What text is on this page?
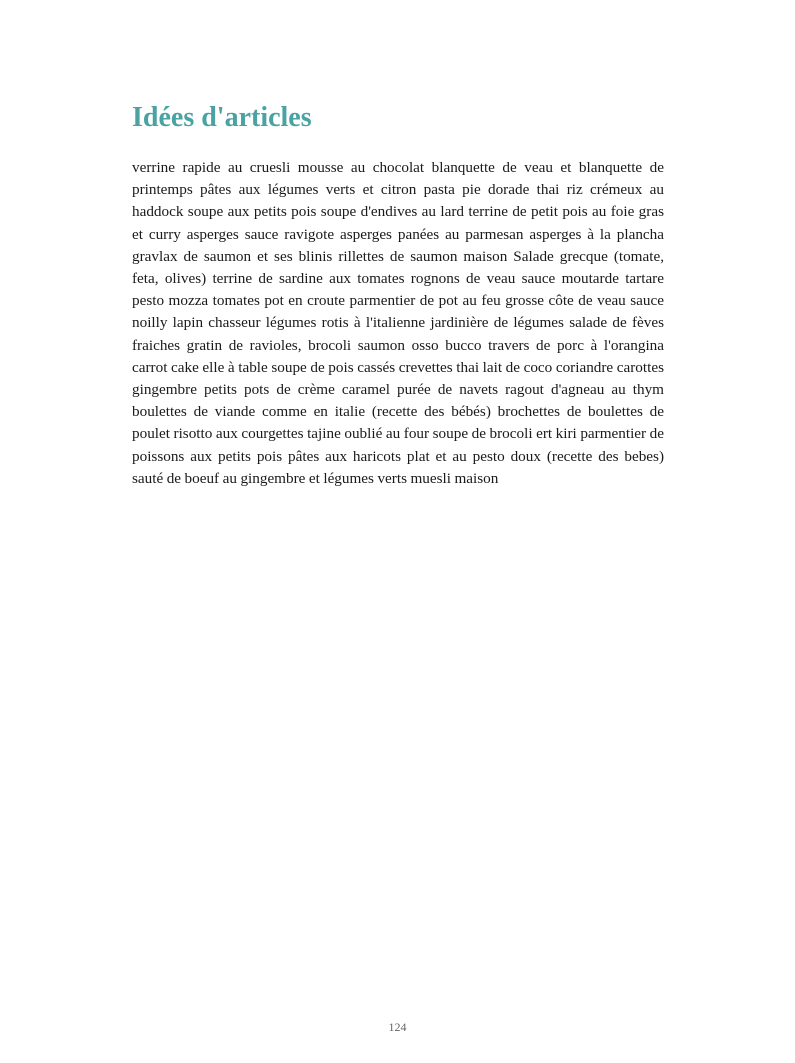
Idées d'articles

verrine rapide au cruesli mousse au chocolat blanquette de veau et blanquette de printemps pâtes aux légumes verts et citron pasta pie dorade thai riz crémeux au haddock soupe aux petits pois soupe d'endives au lard terrine de petit pois au foie gras et curry asperges sauce ravigote asperges panées au parmesan asperges à la plancha gravlax de saumon et ses blinis rillettes de saumon maison Salade grecque (tomate, feta, olives) terrine de sardine aux tomates rognons de veau sauce moutarde tartare pesto mozza tomates pot en croute parmentier de pot au feu grosse côte de veau sauce noilly lapin chasseur légumes rotis à l'italienne jardinière de légumes salade de fèves fraiches gratin de ravioles, brocoli saumon osso bucco travers de porc à l'orangina carrot cake elle à table soupe de pois cassés crevettes thai lait de coco coriandre carottes gingembre petits pots de crème caramel purée de navets ragout d'agneau au thym boulettes de viande comme en italie (recette des bébés) brochettes de boulettes de poulet risotto aux courgettes tajine oublié au four soupe de brocoli ert kiri parmentier de poissons aux petits pois pâtes aux haricots plat et au pesto doux (recette des bebes) sauté de boeuf au gingembre et légumes verts muesli maison

124
